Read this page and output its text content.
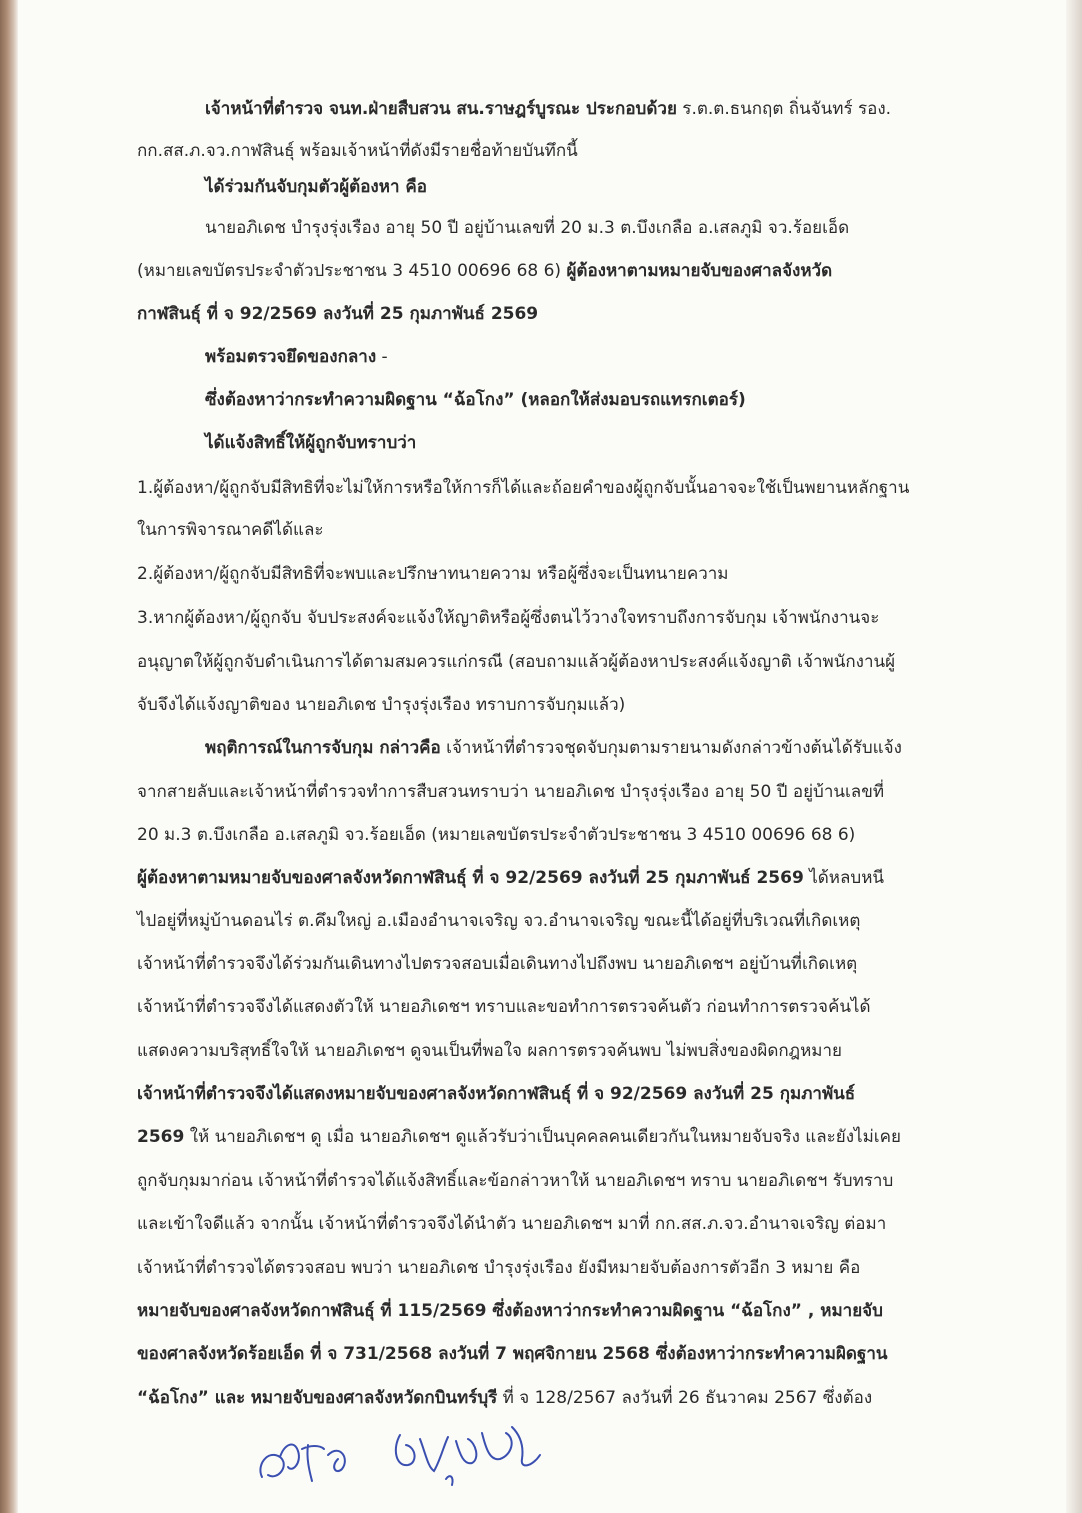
เจ้าหน้าที่ตำรวจ จนท.ฝ่ายสืบสวน สน.ราษฎร์บูรณะ ประกอบด้วย ร.ต.ต.ธนกฤต ถิ่นจันทร์ รอง.
กก.สส.ภ.จว.กาฬสินธุ์ พร้อมเจ้าหน้าที่ดังมีรายชื่อท้ายบันทึกนี้
ได้ร่วมกันจับกุมตัวผู้ต้องหา คือ
นายอภิเดช บำรุงรุ่งเรือง อายุ 50 ปี อยู่บ้านเลขที่ 20 ม.3 ต.บึงเกลือ อ.เสลภูมิ จว.ร้อยเอ็ด
(หมายเลขบัตรประจำตัวประชาชน 3 4510 00696 68 6) ผู้ต้องหาตามหมายจับของศาลจังหวัด
กาฬสินธุ์ ที่ จ 92/2569 ลงวันที่ 25 กุมภาพันธ์ 2569
พร้อมตรวจยึดของกลาง -
ซึ่งต้องหาว่ากระทำความผิดฐาน “ฉ้อโกง” (หลอกให้ส่งมอบรถแทรกเตอร์)
ได้แจ้งสิทธิ์ให้ผู้ถูกจับทราบว่า
1.ผู้ต้องหา/ผู้ถูกจับมีสิทธิที่จะไม่ให้การหรือให้การก็ได้และถ้อยคำของผู้ถูกจับนั้นอาจจะใช้เป็นพยานหลักฐาน
ในการพิจารณาคดีได้และ
2.ผู้ต้องหา/ผู้ถูกจับมีสิทธิที่จะพบและปรึกษาทนายความ หรือผู้ซึ่งจะเป็นทนายความ
3.หากผู้ต้องหา/ผู้ถูกจับ จับประสงค์จะแจ้งให้ญาติหรือผู้ซึ่งตนไว้วางใจทราบถึงการจับกุม เจ้าพนักงานจะ
อนุญาตให้ผู้ถูกจับดำเนินการได้ตามสมควรแก่กรณี (สอบถามแล้วผู้ต้องหาประสงค์แจ้งญาติ เจ้าพนักงานผู้
จับจึงได้แจ้งญาติของ นายอภิเดช บำรุงรุ่งเรือง ทราบการจับกุมแล้ว)
พฤติการณ์ในการจับกุม กล่าวคือ เจ้าหน้าที่ตำรวจชุดจับกุมตามรายนามดังกล่าวข้างต้นได้รับแจ้ง
จากสายลับและเจ้าหน้าที่ตำรวจทำการสืบสวนทราบว่า นายอภิเดช บำรุงรุ่งเรือง อายุ 50 ปี อยู่บ้านเลขที่
20 ม.3 ต.บึงเกลือ อ.เสลภูมิ จว.ร้อยเอ็ด (หมายเลขบัตรประจำตัวประชาชน 3 4510 00696 68 6)
ผู้ต้องหาตามหมายจับของศาลจังหวัดกาฬสินธุ์ ที่ จ 92/2569 ลงวันที่ 25 กุมภาพันธ์ 2569 ได้หลบหนี
ไปอยู่ที่หมู่บ้านดอนไร่ ต.คึมใหญ่ อ.เมืองอำนาจเจริญ จว.อำนาจเจริญ ขณะนี้ได้อยู่ที่บริเวณที่เกิดเหตุ
เจ้าหน้าที่ตำรวจจึงได้ร่วมกันเดินทางไปตรวจสอบเมื่อเดินทางไปถึงพบ นายอภิเดชฯ อยู่บ้านที่เกิดเหตุ
เจ้าหน้าที่ตำรวจจึงได้แสดงตัวให้ นายอภิเดชฯ ทราบและขอทำการตรวจค้นตัว ก่อนทำการตรวจค้นได้
แสดงความบริสุทธิ์ใจให้ นายอภิเดชฯ ดูจนเป็นที่พอใจ ผลการตรวจค้นพบ ไม่พบสิ่งของผิดกฎหมาย
เจ้าหน้าที่ตำรวจจึงได้แสดงหมายจับของศาลจังหวัดกาฬสินธุ์ ที่ จ 92/2569 ลงวันที่ 25 กุมภาพันธ์
2569 ให้ นายอภิเดชฯ ดู เมื่อ นายอภิเดชฯ ดูแล้วรับว่าเป็นบุคคลคนเดียวกันในหมายจับจริง และยังไม่เคย
ถูกจับกุมมาก่อน เจ้าหน้าที่ตำรวจได้แจ้งสิทธิ์และข้อกล่าวหาให้ นายอภิเดชฯ ทราบ นายอภิเดชฯ รับทราบ
และเข้าใจดีแล้ว จากนั้น เจ้าหน้าที่ตำรวจจึงได้นำตัว นายอภิเดชฯ มาที่ กก.สส.ภ.จว.อำนาจเจริญ ต่อมา
เจ้าหน้าที่ตำรวจได้ตรวจสอบ พบว่า นายอภิเดช บำรุงรุ่งเรือง ยังมีหมายจับต้องการตัวอีก 3 หมาย คือ
หมายจับของศาลจังหวัดกาฬสินธุ์ ที่ 115/2569 ซึ่งต้องหาว่ากระทำความผิดฐาน “ฉ้อโกง” , หมายจับ
ของศาลจังหวัดร้อยเอ็ด ที่ จ 731/2568 ลงวันที่ 7 พฤศจิกายน 2568 ซึ่งต้องหาว่ากระทำความผิดฐาน
“ฉ้อโกง” และ หมายจับของศาลจังหวัดกบินทร์บุรี ที่ จ 128/2567 ลงวันที่ 26 ธันวาคม 2567 ซึ่งต้อง
